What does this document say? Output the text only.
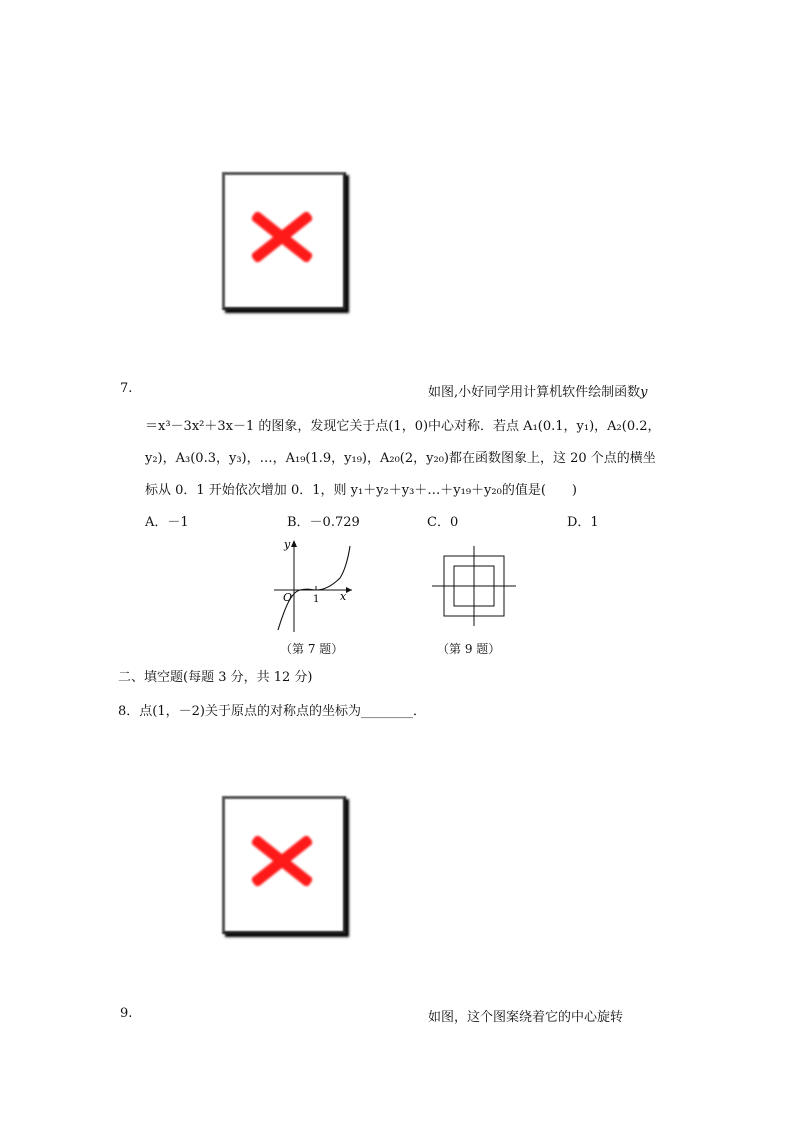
7.	如图,小好同学用计算机软件绘制函数y
＝x³－3x²＋3x－1 的图象，发现它关于点(1，0)中心对称．若点 A₁(0.1，y₁)，A₂(0.2，
y₂)，A₃(0.3，y₃)，…，A₁₉(1.9，y₁₉)，A₂₀(2，y₂₀)都在函数图象上，这 20 个点的横坐
标从 0．1 开始依次增加 0．1，则 y₁＋y₂＋y₃＋…＋y₁₉＋y₂₀的值是(　　)
A．－1	B．－0.729	C．0	D．1
y
x
O 1
（第 7 题）	（第 9 题）
二、填空题(每题 3 分，共 12 分)
8．点(1，－2)关于原点的对称点的坐标为________．
9.	如图，这个图案绕着它的中心旋转
